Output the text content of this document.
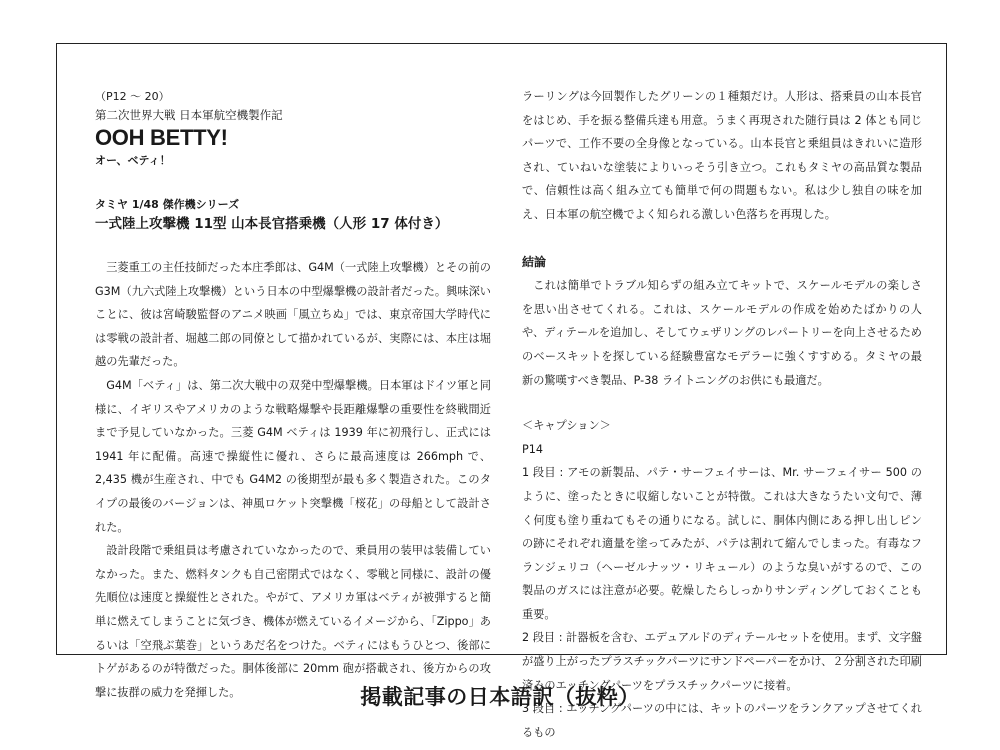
（P12 ～ 20）
第二次世界大戦 日本軍航空機製作記
OOH BETTY!
オー、ベティ！
タミヤ 1/48 傑作機シリーズ
一式陸上攻撃機 11型 山本長官搭乗機（人形 17 体付き）

三菱重工の主任技師だった本庄季郎は、G4M（一式陸上攻撃機）とその前のG3M（九六式陸上攻撃機）という日本の中型爆撃機の設計者だった。興味深いことに、彼は宮崎駿監督のアニメ映画「風立ちぬ」では、東京帝国大学時代には零戦の設計者、堀越二郎の同僚として描かれているが、実際には、本庄は堀越の先輩だった。

G4M「ベティ」は、第二次大戦中の双発中型爆撃機。日本軍はドイツ軍と同様に、イギリスやアメリカのような戦略爆撃や長距離爆撃の重要性を終戦間近まで予見していなかった。三菱 G4M ベティは 1939 年に初飛行し、正式には 1941 年に配備。高速で操縦性に優れ、さらに最高速度は 266mph で、2,435 機が生産され、中でも G4M2 の後期型が最も多く製造された。このタイプの最後のバージョンは、神風ロケット突撃機「桜花」の母船として設計された。

設計段階で乗組員は考慮されていなかったので、乗員用の装甲は装備していなかった。また、燃料タンクも自己密閉式ではなく、零戦と同様に、設計の優先順位は速度と操縦性とされた。やがて、アメリカ軍はベティが被弾すると簡単に燃えてしまうことに気づき、機体が燃えているイメージから、「Zippo」あるいは「空飛ぶ葉巻」というあだ名をつけた。ベティにはもうひとつ、後部にトゲがあるのが特徴だった。胴体後部に 20mm 砲が搭載され、後方からの攻撃に抜群の威力を発揮した。

ラーリングは今回製作したグリーンの１種類だけ。人形は、搭乗員の山本長官をはじめ、手を振る整備兵達も用意。うまく再現された随行員は 2 体とも同じパーツで、工作不要の全身像となっている。山本長官と乗組員はきれいに造形され、ていねいな塗装によりいっそう引き立つ。これもタミヤの高品質な製品で、信頼性は高く組み立ても簡単で何の問題もない。私は少し独自の味を加え、日本軍の航空機でよく知られる激しい色落ちを再現した。

結論

これは簡単でトラブル知らずの組み立てキットで、スケールモデルの楽しさを思い出させてくれる。これは、スケールモデルの作成を始めたばかりの人や、ディテールを追加し、そしてウェザリングのレパートリーを向上させるためのベースキットを探している経験豊富なモデラーに強くすすめる。タミヤの最新の驚嘆すべき製品、P-38 ライトニングのお供にも最適だ。

＜キャプション＞
P14

1 段目 : アモの新製品、パテ・サーフェイサーは、Mr. サーフェイサー 500 のように、塗ったときに収縮しないことが特徴。これは大きなうたい文句で、薄く何度も塗り重ねてもその通りになる。試しに、胴体内側にある押し出しピンの跡にそれぞれ適量を塗ってみたが、パテは割れて縮んでしまった。有毒なフランジェリコ（ヘーゼルナッツ・リキュール）のような臭いがするので、この製品のガスには注意が必要。乾燥したらしっかりサンディングしておくことも重要。

2 段目 : 計器板を含む、エデュアルドのディテールセットを使用。まず、文字盤が盛り上がったプラスチックパーツにサンドペーパーをかけ、２分割された印刷済みのエッチングパーツをプラスチックパーツに接着。

3 段目 : エッチングパーツの中には、キットのパーツをランクアップさせてくれるもの

掲載記事の日本語訳（抜粋）
